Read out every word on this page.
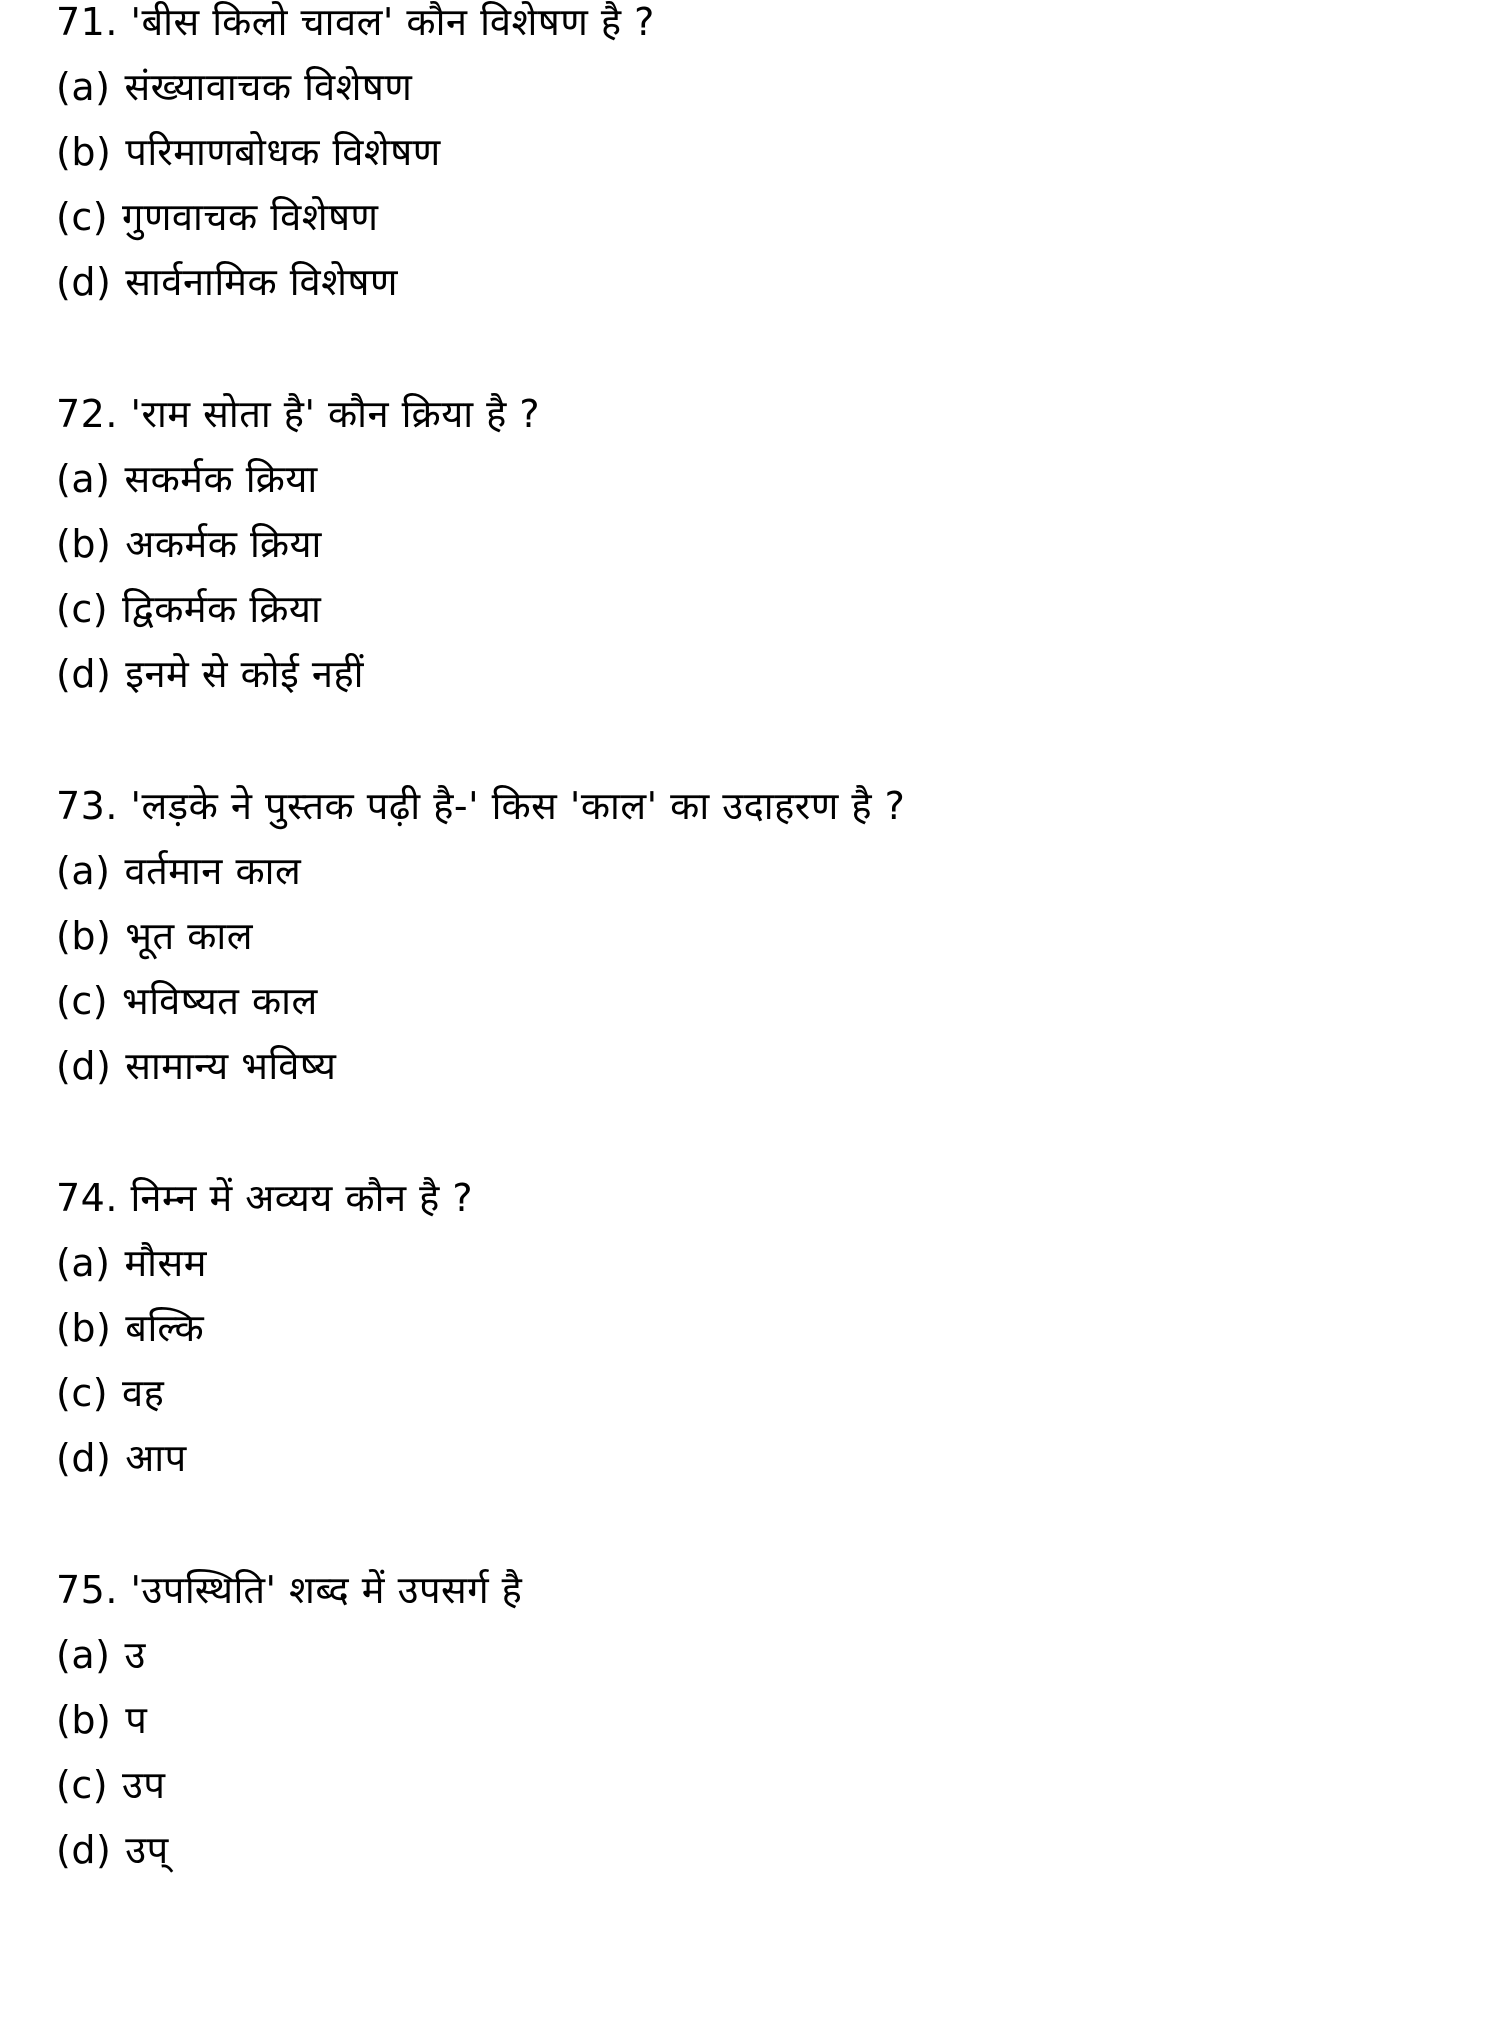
71. 'बीस किलो चावल' कौन विशेषण है ?
(a) संख्यावाचक विशेषण
(b) परिमाणबोधक विशेषण
(c) गुणवाचक विशेषण
(d) सार्वनामिक विशेषण
72. 'राम सोता है' कौन क्रिया है ?
(a) सकर्मक क्रिया
(b) अकर्मक क्रिया
(c) द्विकर्मक क्रिया
(d) इनमे से कोई नहीं
73. 'लड़के ने पुस्तक पढ़ी है-' किस 'काल' का उदाहरण है ?
(a) वर्तमान काल
(b) भूत काल
(c) भविष्यत काल
(d) सामान्य भविष्य
74. निम्न में अव्यय कौन है ?
(a) मौसम
(b) बल्कि
(c) वह
(d) आप
75. 'उपस्थिति' शब्द में उपसर्ग है
(a) उ
(b) प
(c) उप
(d) उप्
